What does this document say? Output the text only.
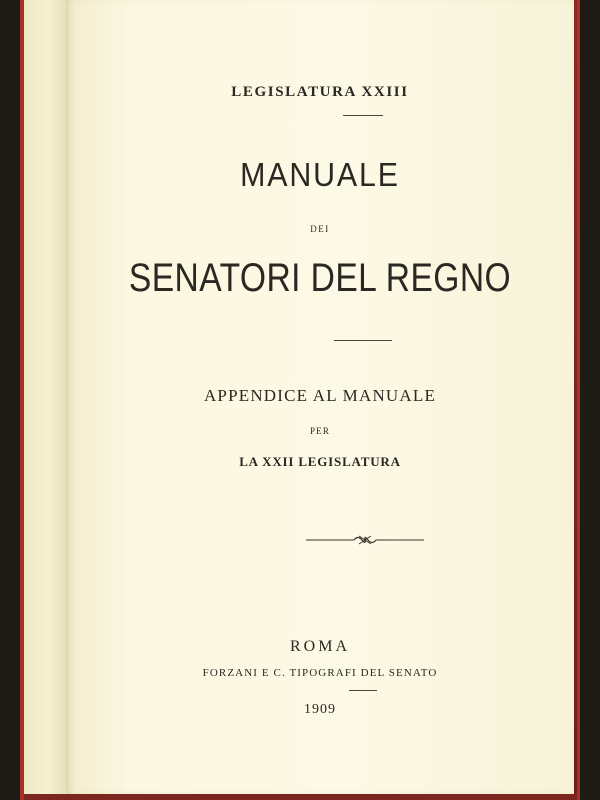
LEGISLATURA XXIII
MANUALE
DEI
SENATORI DEL REGNO
APPENDICE AL MANUALE
PER
LA XXII LEGISLATURA
ROMA
FORZANI E C. TIPOGRAFI DEL SENATO
1909
